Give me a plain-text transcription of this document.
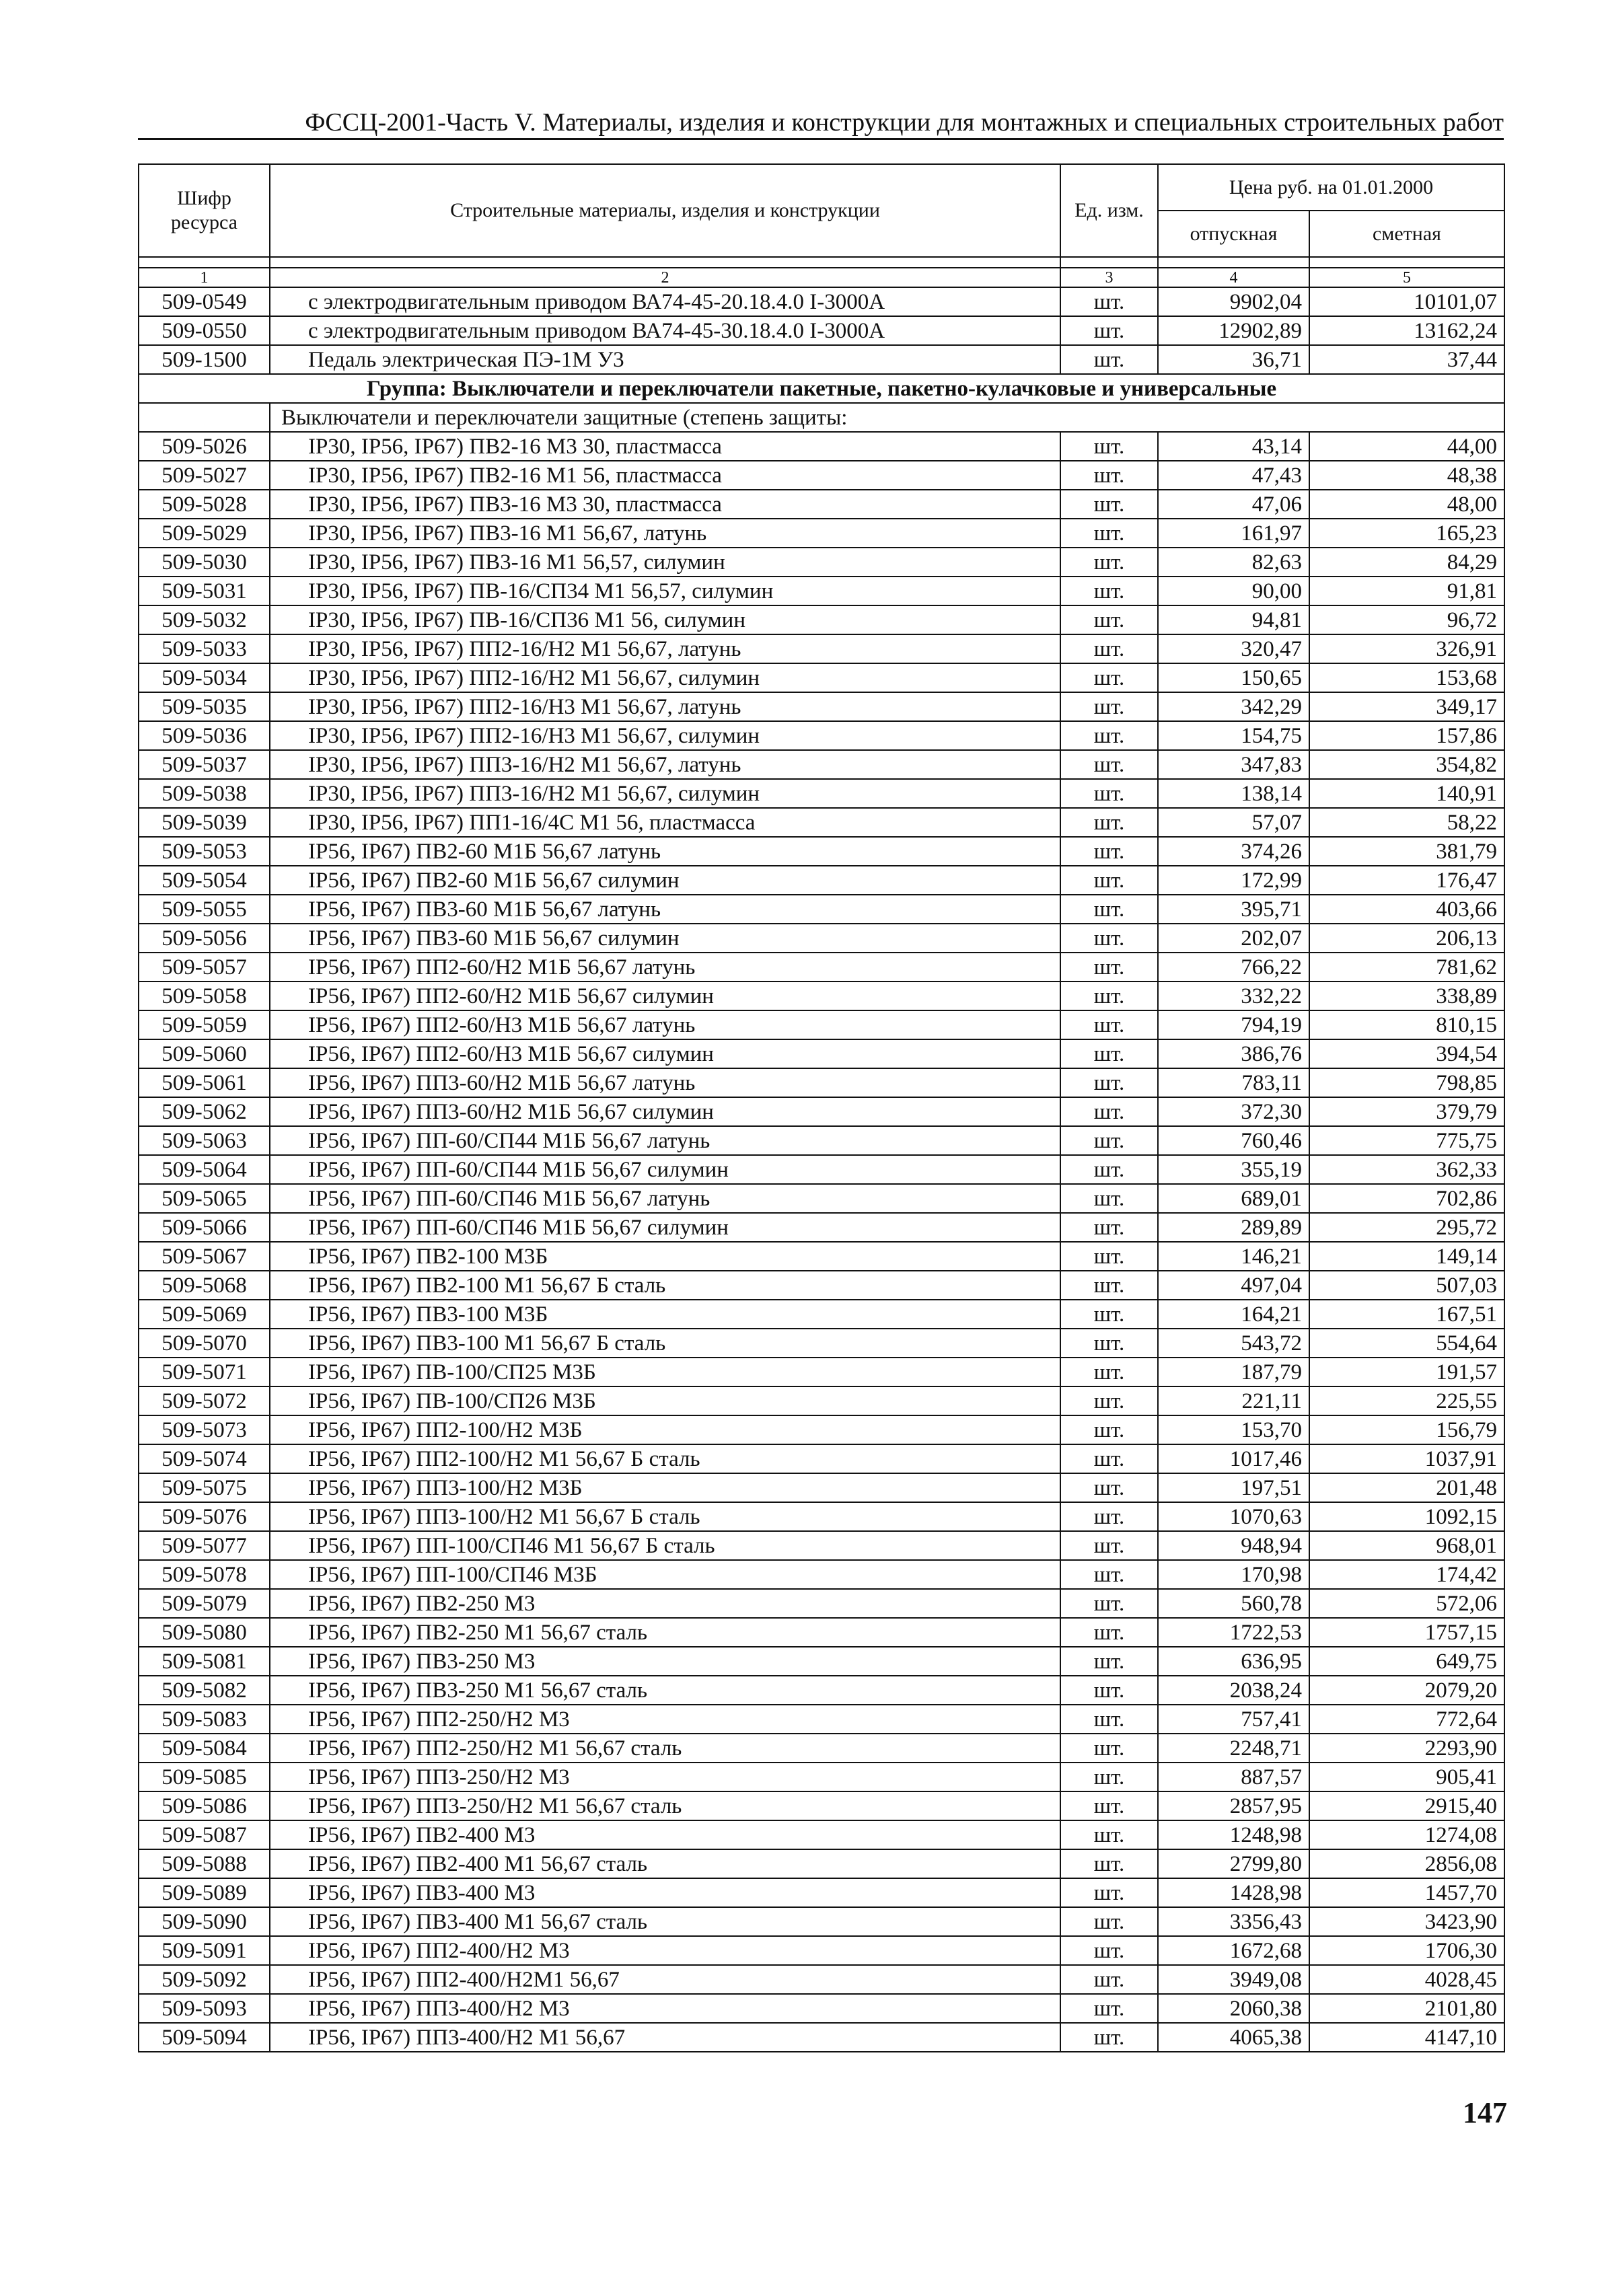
ФССЦ-2001-Часть V. Материалы, изделия и конструкции для монтажных и специальных строительных работ
Шифр ресурса	Строительные материалы, изделия и конструкции	Ед. изм.	Цена руб. на 01.01.2000	
			отпускная	сметная

1	2	3	4	5
509-0549	с электродвигательным приводом ВА74-45-20.18.4.0 I-3000А	шт.	9902,04	10101,07
509-0550	с электродвигательным приводом ВА74-45-30.18.4.0 I-3000А	шт.	12902,89	13162,24
509-1500	Педаль электрическая ПЭ-1М У3	шт.	36,71	37,44
Группа: Выключатели и переключатели пакетные, пакетно-кулачковые и универсальные				
	Выключатели и переключатели защитные (степень защиты:			
509-5026	IP30, IP56, IP67) ПВ2-16 М3 30, пластмасса	шт.	43,14	44,00
509-5027	IP30, IP56, IP67) ПВ2-16 М1 56, пластмасса	шт.	47,43	48,38
509-5028	IP30, IP56, IP67) ПВ3-16 М3 30, пластмасса	шт.	47,06	48,00
509-5029	IP30, IP56, IP67) ПВ3-16 М1 56,67, латунь	шт.	161,97	165,23
509-5030	IP30, IP56, IP67) ПВ3-16 М1 56,57, силумин	шт.	82,63	84,29
509-5031	IP30, IP56, IP67) ПВ-16/СП34 М1 56,57, силумин	шт.	90,00	91,81
509-5032	IP30, IP56, IP67) ПВ-16/СП36 М1 56, силумин	шт.	94,81	96,72
509-5033	IP30, IP56, IP67) ПП2-16/Н2 М1 56,67, латунь	шт.	320,47	326,91
509-5034	IP30, IP56, IP67) ПП2-16/Н2 М1 56,67, силумин	шт.	150,65	153,68
509-5035	IP30, IP56, IP67) ПП2-16/Н3 М1 56,67, латунь	шт.	342,29	349,17
509-5036	IP30, IP56, IP67) ПП2-16/Н3 М1 56,67, силумин	шт.	154,75	157,86
509-5037	IP30, IP56, IP67) ПП3-16/Н2 М1 56,67, латунь	шт.	347,83	354,82
509-5038	IP30, IP56, IP67) ПП3-16/Н2 М1 56,67, силумин	шт.	138,14	140,91
509-5039	IP30, IP56, IP67) ПП1-16/4С М1 56, пластмасса	шт.	57,07	58,22
509-5053	IP56, IP67) ПВ2-60 М1Б 56,67 латунь	шт.	374,26	381,79
509-5054	IP56, IP67) ПВ2-60 М1Б 56,67 силумин	шт.	172,99	176,47
509-5055	IP56, IP67) ПВ3-60 М1Б 56,67 латунь	шт.	395,71	403,66
509-5056	IP56, IP67) ПВ3-60 М1Б 56,67 силумин	шт.	202,07	206,13
509-5057	IP56, IP67) ПП2-60/Н2 М1Б 56,67 латунь	шт.	766,22	781,62
509-5058	IP56, IP67) ПП2-60/Н2 М1Б 56,67 силумин	шт.	332,22	338,89
509-5059	IP56, IP67) ПП2-60/Н3 М1Б 56,67 латунь	шт.	794,19	810,15
509-5060	IP56, IP67) ПП2-60/Н3 М1Б 56,67 силумин	шт.	386,76	394,54
509-5061	IP56, IP67) ПП3-60/Н2 М1Б 56,67 латунь	шт.	783,11	798,85
509-5062	IP56, IP67) ПП3-60/Н2 М1Б 56,67 силумин	шт.	372,30	379,79
509-5063	IP56, IP67) ПП-60/СП44 М1Б 56,67 латунь	шт.	760,46	775,75
509-5064	IP56, IP67) ПП-60/СП44 М1Б 56,67 силумин	шт.	355,19	362,33
509-5065	IP56, IP67) ПП-60/СП46 М1Б 56,67 латунь	шт.	689,01	702,86
509-5066	IP56, IP67) ПП-60/СП46 М1Б 56,67 силумин	шт.	289,89	295,72
509-5067	IP56, IP67) ПВ2-100 М3Б	шт.	146,21	149,14
509-5068	IP56, IP67) ПВ2-100 М1 56,67 Б сталь	шт.	497,04	507,03
509-5069	IP56, IP67) ПВ3-100 М3Б	шт.	164,21	167,51
509-5070	IP56, IP67) ПВ3-100 М1 56,67 Б сталь	шт.	543,72	554,64
509-5071	IP56, IP67) ПВ-100/СП25 М3Б	шт.	187,79	191,57
509-5072	IP56, IP67) ПВ-100/СП26 М3Б	шт.	221,11	225,55
509-5073	IP56, IP67) ПП2-100/Н2 М3Б	шт.	153,70	156,79
509-5074	IP56, IP67) ПП2-100/Н2 М1 56,67 Б сталь	шт.	1017,46	1037,91
509-5075	IP56, IP67) ПП3-100/Н2 М3Б	шт.	197,51	201,48
509-5076	IP56, IP67) ПП3-100/Н2 М1 56,67 Б сталь	шт.	1070,63	1092,15
509-5077	IP56, IP67) ПП-100/СП46 М1 56,67 Б сталь	шт.	948,94	968,01
509-5078	IP56, IP67) ПП-100/СП46 М3Б	шт.	170,98	174,42
509-5079	IP56, IP67) ПВ2-250 М3	шт.	560,78	572,06
509-5080	IP56, IP67) ПВ2-250 М1 56,67 сталь	шт.	1722,53	1757,15
509-5081	IP56, IP67) ПВ3-250 М3	шт.	636,95	649,75
509-5082	IP56, IP67) ПВ3-250 М1 56,67 сталь	шт.	2038,24	2079,20
509-5083	IP56, IP67) ПП2-250/Н2 М3	шт.	757,41	772,64
509-5084	IP56, IP67) ПП2-250/Н2 М1 56,67 сталь	шт.	2248,71	2293,90
509-5085	IP56, IP67) ПП3-250/Н2 М3	шт.	887,57	905,41
509-5086	IP56, IP67) ПП3-250/Н2 М1 56,67 сталь	шт.	2857,95	2915,40
509-5087	IP56, IP67) ПВ2-400 М3	шт.	1248,98	1274,08
509-5088	IP56, IP67) ПВ2-400 М1 56,67 сталь	шт.	2799,80	2856,08
509-5089	IP56, IP67) ПВ3-400 М3	шт.	1428,98	1457,70
509-5090	IP56, IP67) ПВ3-400 М1 56,67 сталь	шт.	3356,43	3423,90
509-5091	IP56, IP67) ПП2-400/Н2 М3	шт.	1672,68	1706,30
509-5092	IP56, IP67) ПП2-400/Н2М1 56,67	шт.	3949,08	4028,45
509-5093	IP56, IP67) ПП3-400/Н2 М3	шт.	2060,38	2101,80
509-5094	IP56, IP67) ПП3-400/Н2 М1 56,67	шт.	4065,38	4147,10
147
